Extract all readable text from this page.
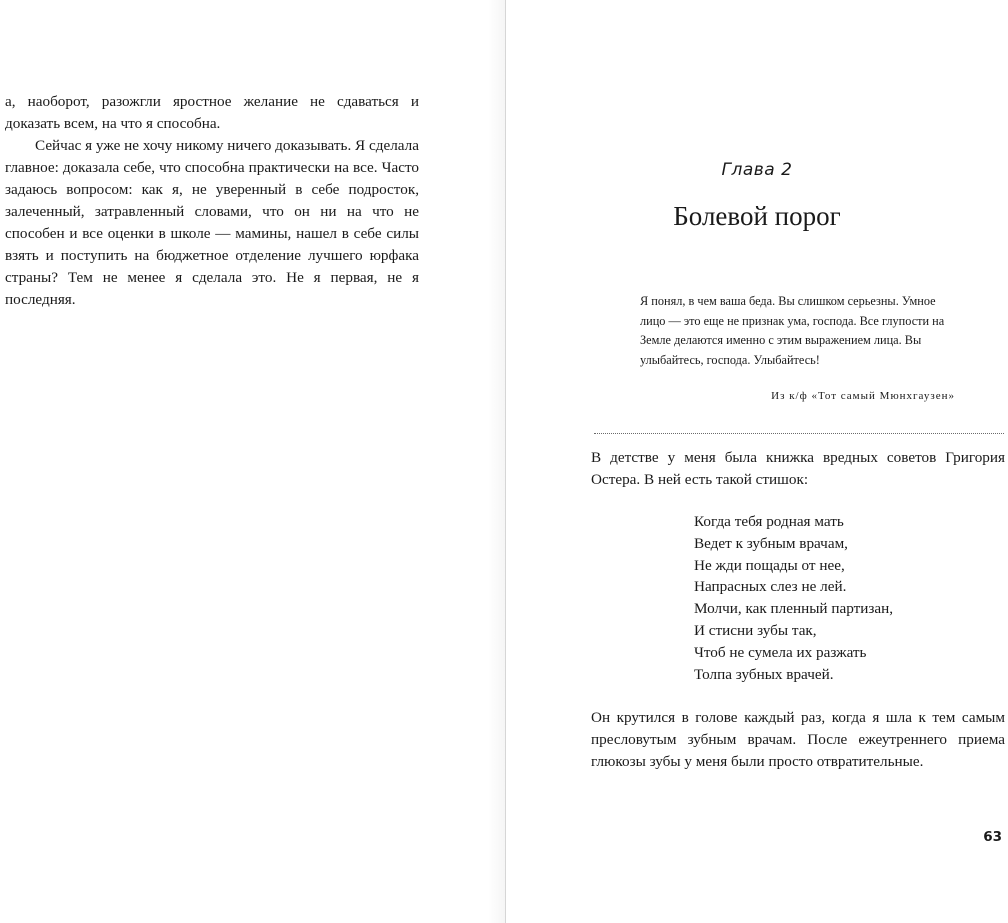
а, наоборот, разожгли яростное желание не сдаваться и доказать всем, на что я способна.

Сейчас я уже не хочу никому ничего доказывать. Я сделала главное: доказала себе, что способна практически на все. Часто задаюсь вопросом: как я, не уверенный в себе подросток, залеченный, затравленный словами, что он ни на что не способен и все оценки в школе — мамины, нашел в себе силы взять и поступить на бюджетное отделение лучшего юрфака страны? Тем не менее я сделала это. Не я первая, не я последняя.

Глава 2
Болевой порог

Я понял, в чем ваша беда. Вы слишком серьезны. Умное лицо — это еще не признак ума, господа. Все глупости на Земле делаются именно с этим выражением лица. Вы улыбайтесь, господа. Улыбайтесь!

Из к/ф «Тот самый Мюнхгаузен»

В детстве у меня была книжка вредных советов Григория Остера. В ней есть такой стишок:

Когда тебя родная мать
Ведет к зубным врачам,
Не жди пощады от нее,
Напрасных слез не лей.
Молчи, как пленный партизан,
И стисни зубы так,
Чтоб не сумела их разжать
Толпа зубных врачей.

Он крутился в голове каждый раз, когда я шла к тем самым пресловутым зубным врачам. После ежеутреннего приема глюкозы зубы у меня были просто отвратительные.

63
